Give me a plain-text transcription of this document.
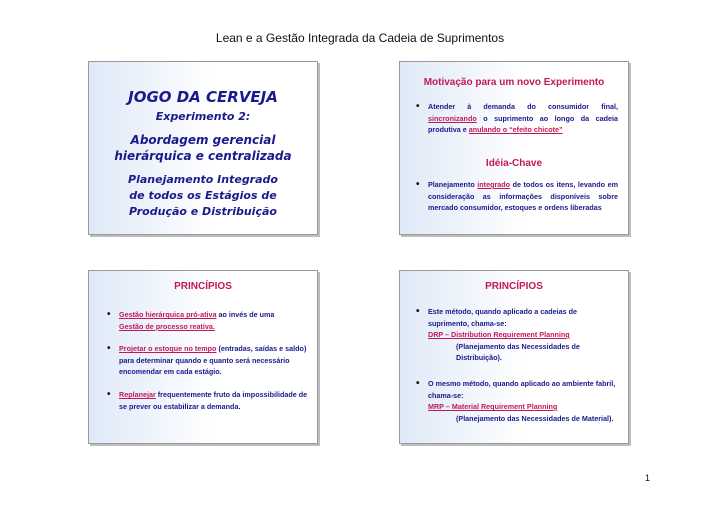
Lean e a Gestão Integrada da Cadeia de Suprimentos
JOGO DA CERVEJA
Experimento 2:
Abordagem gerencial
hierárquica e centralizada
Planejamento Integrado
de todos os Estágios de
Produção e Distribuição
Motivação para um novo Experimento
• Atender à demanda do consumidor final, sincronizando o suprimento ao longo da cadeia produtiva e anulando o “efeito chicote”
Idéia-Chave
• Planejamento integrado de todos os itens, levando em consideração as informações disponíveis sobre mercado consumidor, estoques e ordens liberadas
PRINCÍPIOS
• Gestão hierárquica pró-ativa ao invés de uma
Gestão de processo reativa.
• Projetar o estoque no tempo (entradas, saídas e saldo) para determinar quando e quanto será necessário encomendar em cada estágio.
• Replanejar frequentemente fruto da impossibilidade de se prever ou estabilizar a demanda.
PRINCÍPIOS
• Este método, quando aplicado a cadeias de suprimento, chama-se:
DRP – Distribution Requirement Planning
(Planejamento das Necessidades de Distribuição).
• O mesmo método, quando aplicado ao ambiente fabril, chama-se:
MRP – Material Requirement Planning
(Planejamento das Necessidades de Material).
1
